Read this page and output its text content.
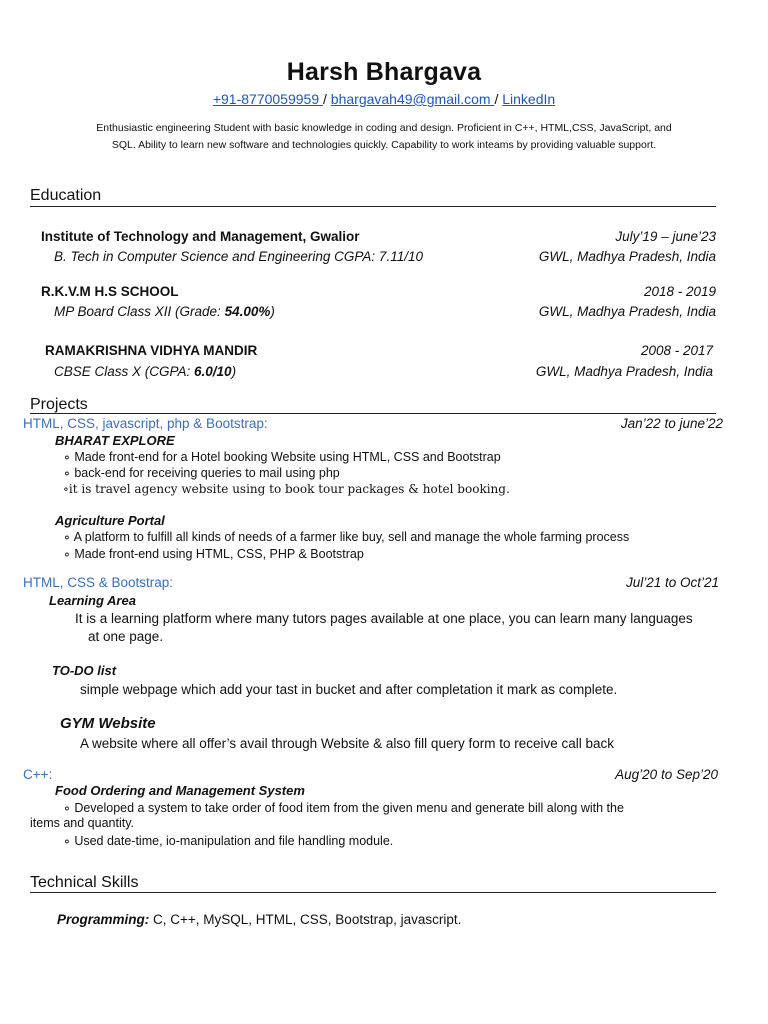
Harsh Bhargava
+91-8770059959 / bhargavah49@gmail.com / LinkedIn
Enthusiastic engineering Student with basic knowledge in coding and design. Proficient in C++, HTML,CSS, JavaScript, and
SQL. Ability to learn new software and technologies quickly. Capability to work inteams by providing valuable support.
Education
Institute of Technology and Management, Gwalior	July’19 – june’23
B. Tech in Computer Science and Engineering CGPA: 7.11/10	GWL, Madhya Pradesh, India
R.K.V.M H.S SCHOOL	2018 - 2019
MP Board Class XII (Grade: 54.00%)	GWL, Madhya Pradesh, India
RAMAKRISHNA VIDHYA MANDIR	2008 - 2017
CBSE Class X (CGPA: 6.0/10)	GWL, Madhya Pradesh, India
Projects
HTML, CSS, javascript, php & Bootstrap:	Jan’22 to june’22
BHARAT EXPLORE
∘ Made front-end for a Hotel booking Website using HTML, CSS and Bootstrap
∘ back-end for receiving queries to mail using php
∘it is travel agency website using to book tour packages & hotel booking.
Agriculture Portal
∘ A platform to fulfill all kinds of needs of a farmer like buy, sell and manage the whole farming process
∘ Made front-end using HTML, CSS, PHP & Bootstrap
HTML, CSS & Bootstrap:	Jul’21 to Oct’21
Learning Area
It is a learning platform where many tutors pages available at one place, you can learn many languages
at one page.
TO-DO list
simple webpage which add your tast in bucket and after completation it mark as complete.
GYM Website
A website where all offer’s avail through Website & also fill query form to receive call back
C++:	Aug’20 to Sep’20
Food Ordering and Management System
∘ Developed a system to take order of food item from the given menu and generate bill along with the
items and quantity.
∘ Used date-time, io-manipulation and file handling module.
Technical Skills
Programming: C, C++, MySQL, HTML, CSS, Bootstrap, javascript.
